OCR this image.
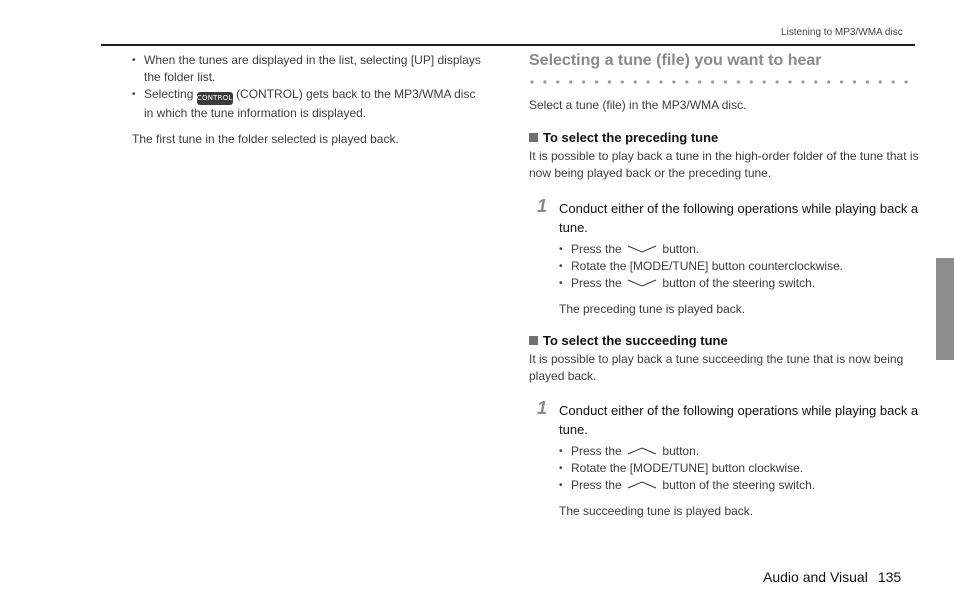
Listening to MP3/WMA disc
• When the tunes are displayed in the list, selecting [UP] displays the folder list.
• Selecting CONTROL (CONTROL) gets back to the MP3/WMA disc in which the tune information is displayed.
The first tune in the folder selected is played back.
Selecting a tune (file) you want to hear
Select a tune (file) in the MP3/WMA disc.
To select the preceding tune
It is possible to play back a tune in the high-order folder of the tune that is now being played back or the preceding tune.
1 Conduct either of the following operations while playing back a tune.
• Press the	button.
• Rotate the [MODE/TUNE] button counterclockwise.
• Press the	button of the steering switch.
The preceding tune is played back.
To select the succeeding tune
It is possible to play back a tune succeeding the tune that is now being played back.
1 Conduct either of the following operations while playing back a tune.
• Press the	button.
• Rotate the [MODE/TUNE] button clockwise.
• Press the	button of the steering switch.
The succeeding tune is played back.
Audio and Visual 135
